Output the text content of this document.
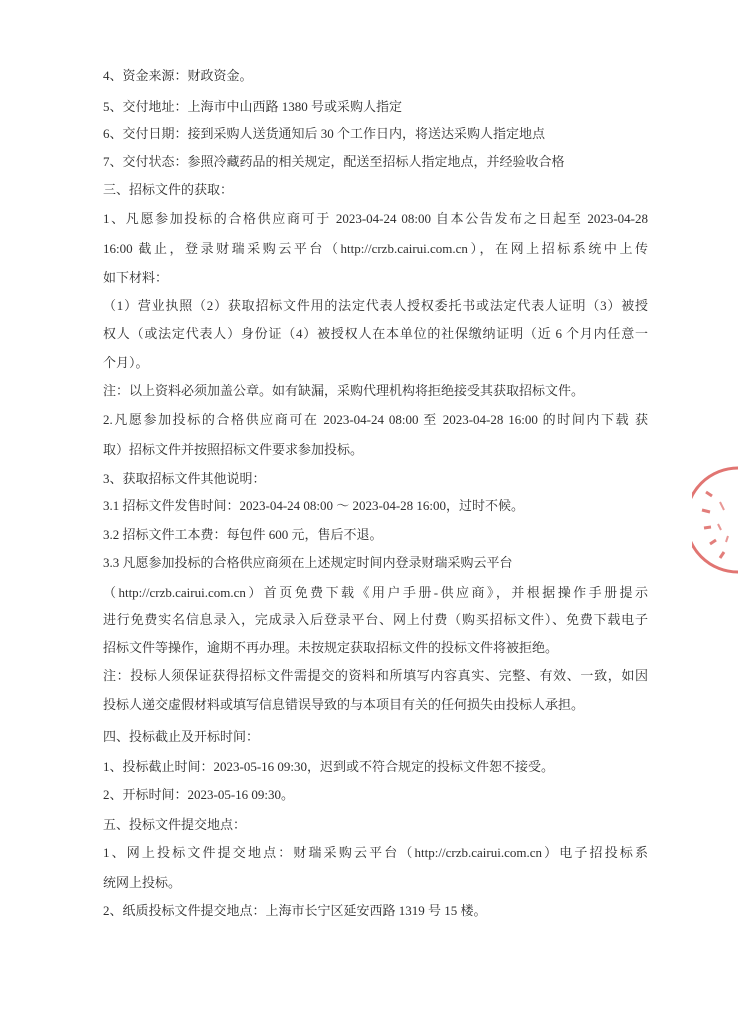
4、资金来源：财政资金。
5、交付地址：上海市中山西路 1380 号或采购人指定
6、交付日期：接到采购人送货通知后 30 个工作日内，将送达采购人指定地点
7、交付状态：参照冷藏药品的相关规定，配送至招标人指定地点，并经验收合格
三、招标文件的获取：
1、凡愿参加投标的合格供应商可于 2023-04-24 08:00 自本公告发布之日起至 2023-04-28
16:00 截止，登录财瑞采购云平台（http://crzb.cairui.com.cn），在网上招标系统中上传
如下材料：
（1）营业执照（2）获取招标文件用的法定代表人授权委托书或法定代表人证明（3）被授
权人（或法定代表人）身份证（4）被授权人在本单位的社保缴纳证明（近 6 个月内任意一
个月）。
注：以上资料必须加盖公章。如有缺漏，采购代理机构将拒绝接受其获取招标文件。
2.凡愿参加投标的合格供应商可在 2023-04-24 08:00 至 2023-04-28 16:00 的时间内下载 获
取）招标文件并按照招标文件要求参加投标。
3、获取招标文件其他说明：
3.1 招标文件发售时间：2023-04-24 08:00 ～ 2023-04-28 16:00，过时不候。
3.2 招标文件工本费：每包件 600 元，售后不退。
3.3 凡愿参加投标的合格供应商须在上述规定时间内登录财瑞采购云平台
（http://crzb.cairui.com.cn）首页免费下载《用户手册-供应商》，并根据操作手册提示
进行免费实名信息录入，完成录入后登录平台、网上付费（购买招标文件）、免费下载电子
招标文件等操作，逾期不再办理。未按规定获取招标文件的投标文件将被拒绝。
注：投标人须保证获得招标文件需提交的资料和所填写内容真实、完整、有效、一致，如因
投标人递交虚假材料或填写信息错误导致的与本项目有关的任何损失由投标人承担。
四、投标截止及开标时间：
1、投标截止时间：2023-05-16 09:30，迟到或不符合规定的投标文件恕不接受。
2、开标时间：2023-05-16 09:30。
五、投标文件提交地点：
1、网上投标文件提交地点：财瑞采购云平台（http://crzb.cairui.com.cn）电子招投标系
统网上投标。
2、纸质投标文件提交地点：上海市长宁区延安西路 1319 号 15 楼。
